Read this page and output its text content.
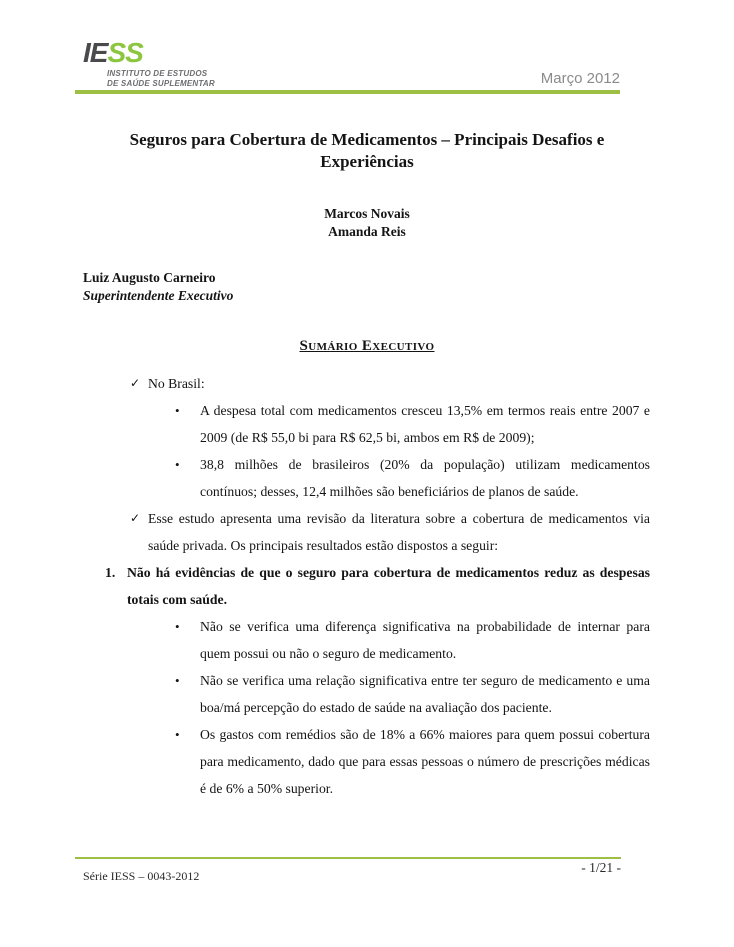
IESS
INSTITUTO DE ESTUDOS
DE SAÚDE SUPLEMENTAR	Março 2012
Seguros para Cobertura de Medicamentos – Principais Desafios e Experiências
Marcos Novais
Amanda Reis
Luiz Augusto Carneiro
Superintendente Executivo
Sumário Executivo
✓ No Brasil:
•	A despesa total com medicamentos cresceu 13,5% em termos reais entre 2007 e 2009 (de R$ 55,0 bi para R$ 62,5 bi, ambos em R$ de 2009);
•	38,8 milhões de brasileiros (20% da população) utilizam medicamentos contínuos; desses, 12,4 milhões são beneficiários de planos de saúde.
✓ Esse estudo apresenta uma revisão da literatura sobre a cobertura de medicamentos via saúde privada. Os principais resultados estão dispostos a seguir:
1. Não há evidências de que o seguro para cobertura de medicamentos reduz as despesas totais com saúde.
•	Não se verifica uma diferença significativa na probabilidade de internar para quem possui ou não o seguro de medicamento.
•	Não se verifica uma relação significativa entre ter seguro de medicamento e uma boa/má percepção do estado de saúde na avaliação dos paciente.
•	Os gastos com remédios são de 18% a 66% maiores para quem possui cobertura para medicamento, dado que para essas pessoas o número de prescrições médicas é de 6% a 50% superior.
- 1/21 -
Série IESS – 0043-2012
